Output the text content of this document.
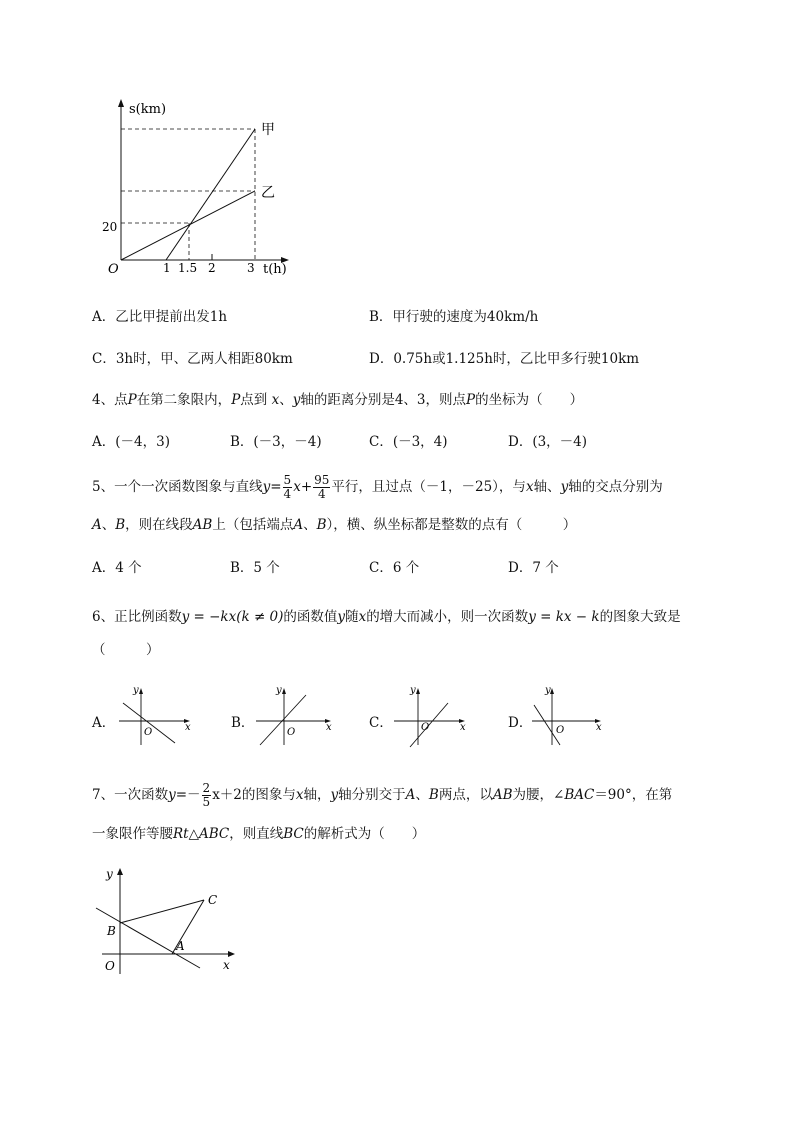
s(km)
t(h)
O
20
1 1.5 2	3
甲
乙
A．乙比甲提前出发1h	B．甲行驶的速度为40km/h
C．3h时，甲、乙两人相距80km	D．0.75h或1.125h时，乙比甲多行驶10km
4、点P在第二象限内，P点到 x、y轴的距离分别是4、3，则点P的坐标为（　　）
A．(－4，3)	B．(－3，－4)	C．(－3，4)	D．(3，－4)
5、一个一次函数图象与直线$y= \frac{5}{4} x+ \frac{95}{4}$ 平行，且过点（－1，－25），与x轴、y轴的交点分别为
A、B，则在线段AB上（包括端点A、B），横、纵坐标都是整数的点有（　　　）
A．4 个	B．5 个	C．6 个	D．7 个
6、正比例函数y = −kx(k ≠ 0)的函数值y随x的增大而减小，则一次函数y = kx − k的图象大致是
（　　　）
A．
y
x
O
B．
y
x
O
C．
y
x
O	D．
y
x
O
7、一次函数$y=- \frac{2}{5} x+2$的图象与x轴，y轴分别交于A、B两点，以AB为腰，∠BAC＝90°，在第
一象限作等腰Rt△ABC，则直线BC的解析式为（　　）
y
x
O
B
A
C
